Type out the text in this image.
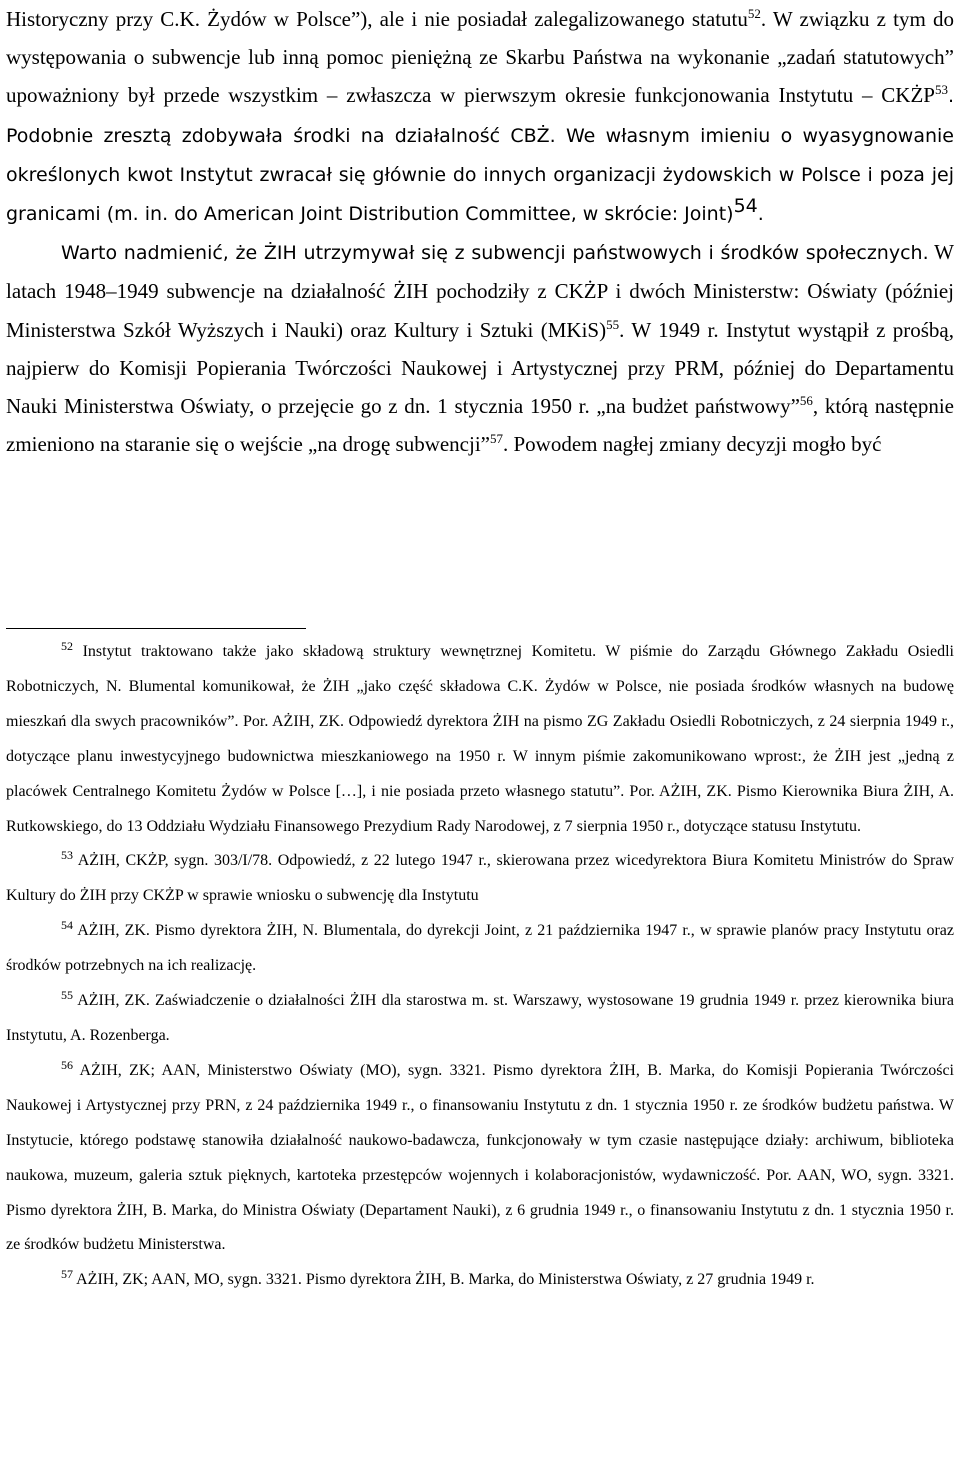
Historyczny przy C.K. Żydów w Polsce”), ale i nie posiadał zalegalizowanego statutu$^{52}$. W związku z tym do występowania o subwencje lub inną pomoc pieniężną ze Skarbu Państwa na wykonanie „zadań statutowych” upoważniony był przede wszystkim – zwłaszcza w pierwszym okresie funkcjonowania Instytutu – CKŻP$^{53}$. Podobnie zresztą zdobywała środki na działalność CBŻ. We własnym imieniu o wyasygnowanie określonych kwot Instytut zwracał się głównie do innych organizacji żydowskich w Polsce i poza jej granicami (m. in. do American Joint Distribution Committee, w skrócie: Joint)$^{54}$.

Warto nadmienić, że ŻIH utrzymywał się z subwencji państwowych i środków społecznych. W latach 1948–1949 subwencje na działalność ŻIH pochodziły z CKŻP i dwóch Ministerstw: Oświaty (później Ministerstwa Szkół Wyższych i Nauki) oraz Kultury i Sztuki (MKiS)$^{55}$. W 1949 r. Instytut wystąpił z prośbą, najpierw do Komisji Popierania Twórczości Naukowej i Artystycznej przy PRM, później do Departamentu Nauki Ministerstwa Oświaty, o przejęcie go z dn. 1 stycznia 1950 r. „na budżet państwowy”$^{56}$, którą następnie zmieniono na staranie się o wejście „na drogę subwencji”$^{57}$. Powodem nagłej zmiany decyzji mogło być

$^{52}$ Instytut traktowano także jako składową struktury wewnętrznej Komitetu. W piśmie do Zarządu Głównego Zakładu Osiedli Robotniczych, N. Blumental komunikował, że ŻIH „jako część składowa C.K. Żydów w Polsce, nie posiada środków własnych na budowę mieszkań dla swych pracowników”. Por. AŻIH, ZK. Odpowiedź dyrektora ŻIH na pismo ZG Zakładu Osiedli Robotniczych, z 24 sierpnia 1949 r., dotyczące planu inwestycyjnego budownictwa mieszkaniowego na 1950 r. W innym piśmie zakomunikowano wprost:, że ŻIH jest „jedną z placówek Centralnego Komitetu Żydów w Polsce […], i nie posiada przeto własnego statutu”. Por. AŻIH, ZK. Pismo Kierownika Biura ŻIH, A. Rutkowskiego, do 13 Oddziału Wydziału Finansowego Prezydium Rady Narodowej, z 7 sierpnia 1950 r., dotyczące statusu Instytutu.

$^{53}$ AŻIH, CKŻP, sygn. 303/I/78. Odpowiedź, z 22 lutego 1947 r., skierowana przez wicedyrektora Biura Komitetu Ministrów do Spraw Kultury do ŻIH przy CKŻP w sprawie wniosku o subwencję dla Instytutu

$^{54}$ AŻIH, ZK. Pismo dyrektora ŻIH, N. Blumentala, do dyrekcji Joint, z 21 października 1947 r., w sprawie planów pracy Instytutu oraz środków potrzebnych na ich realizację.

$^{55}$ AŻIH, ZK. Zaświadczenie o działalności ŻIH dla starostwa m. st. Warszawy, wystosowane 19 grudnia 1949 r. przez kierownika biura Instytutu, A. Rozenberga.

$^{56}$ AŻIH, ZK; AAN, Ministerstwo Oświaty (MO), sygn. 3321. Pismo dyrektora ŻIH, B. Marka, do Komisji Popierania Twórczości Naukowej i Artystycznej przy PRN, z 24 października 1949 r., o finansowaniu Instytutu z dn. 1 stycznia 1950 r. ze środków budżetu państwa. W Instytucie, którego podstawę stanowiła działalność naukowo-badawcza, funkcjonowały w tym czasie następujące działy: archiwum, biblioteka naukowa, muzeum, galeria sztuk pięknych, kartoteka przestępców wojennych i kolaboracjonistów, wydawniczość. Por. AAN, WO, sygn. 3321. Pismo dyrektora ŻIH, B. Marka, do Ministra Oświaty (Departament Nauki), z 6 grudnia 1949 r., o finansowaniu Instytutu z dn. 1 stycznia 1950 r. ze środków budżetu Ministerstwa.

$^{57}$ AŻIH, ZK; AAN, MO, sygn. 3321. Pismo dyrektora ŻIH, B. Marka, do Ministerstwa Oświaty, z 27 grudnia 1949 r.
